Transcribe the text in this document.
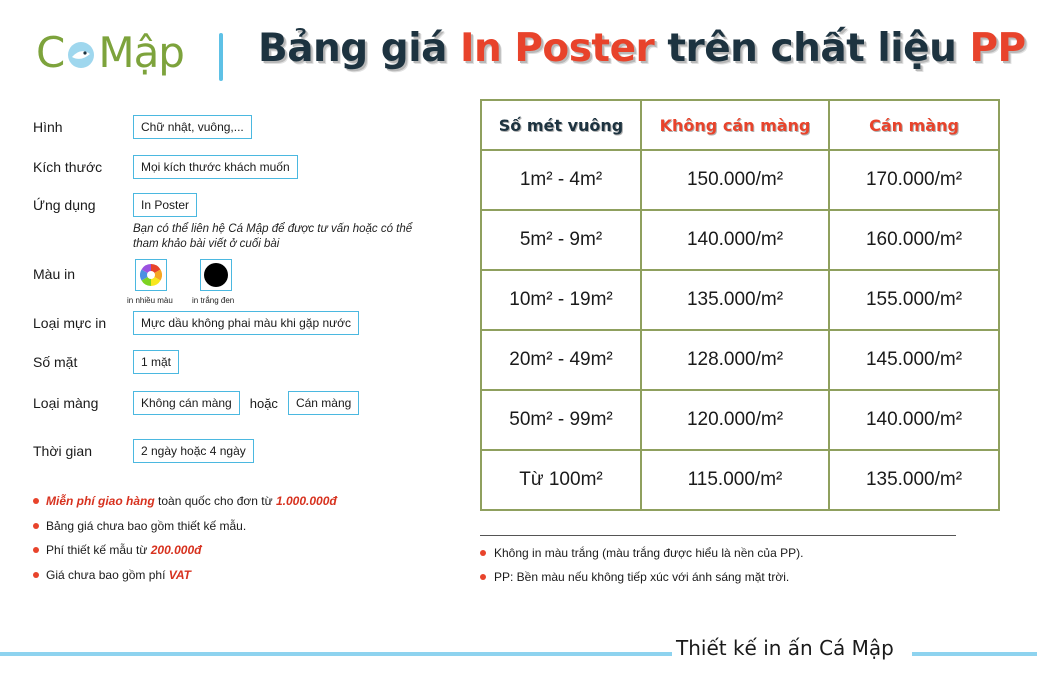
C Mập Bảng giá In Poster trên chất liệu PP
Hình	Chữ nhật, vuông,...
Kích thước	Mọi kích thước khách muốn
Ứng dụng	In Poster
Bạn có thể liên hệ Cá Mập để được tư vấn hoặc có thể tham khảo bài viết ở cuối bài
Màu in
in nhiều màu in trắng đen
Loại mực in	Mực dầu không phai màu khi gặp nước
Số mặt	1 mặt
Loại màng	Không cán màng	hoặc	Cán màng
Thời gian	2 ngày hoặc 4 ngày
Miễn phí giao hàng toàn quốc cho đơn từ 1.000.000đ
Bảng giá chưa bao gồm thiết kế mẫu.
Phí thiết kế mẫu từ 200.000đ
Giá chưa bao gồm phí VAT
Số mét vuông	Không cán màng	Cán màng
1m² - 4m²	150.000/m²	170.000/m²
5m² - 9m²	140.000/m²	160.000/m²
10m² - 19m²	135.000/m²	155.000/m²
20m² - 49m²	128.000/m²	145.000/m²
50m² - 99m²	120.000/m²	140.000/m²
Từ 100m²	115.000/m²	135.000/m²
Không in màu trắng (màu trắng được hiểu là nền của PP).
PP: Bền màu nếu không tiếp xúc với ánh sáng mặt trời.
Thiết kế in ấn Cá Mập
